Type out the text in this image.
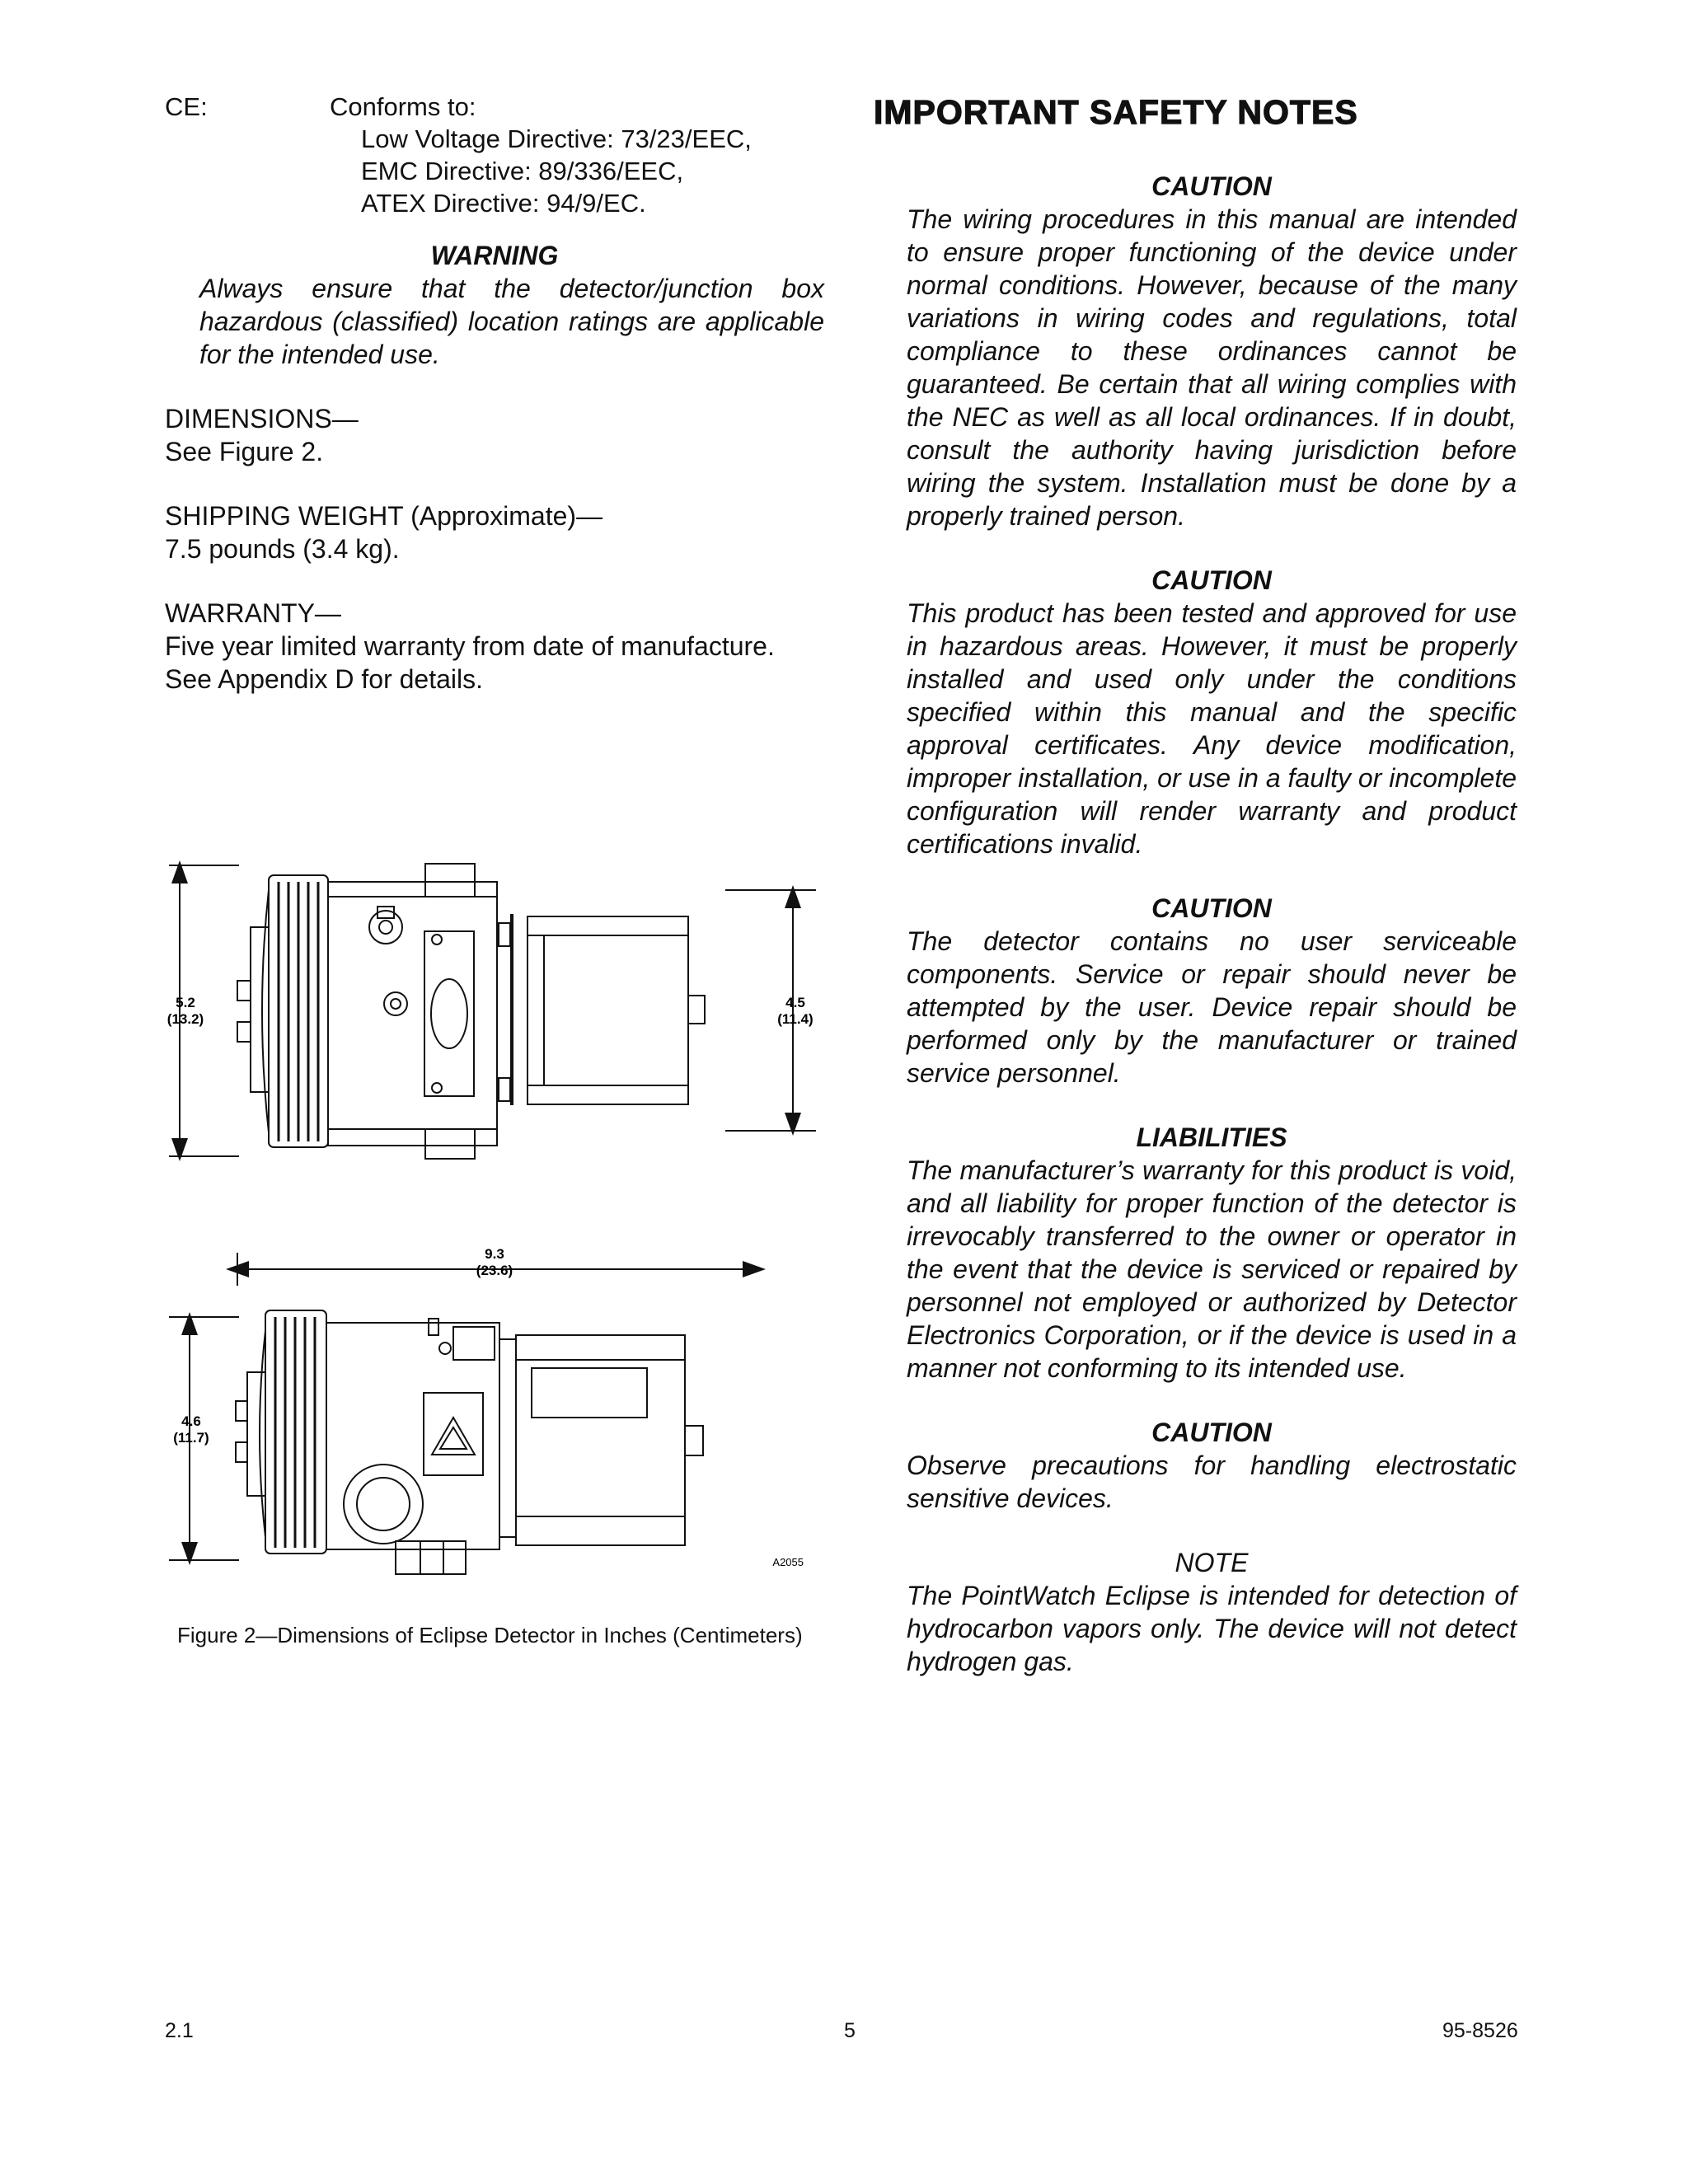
CE:	Conforms to:
Low Voltage Directive: 73/23/EEC,
EMC Directive: 89/336/EEC,
ATEX Directive: 94/9/EC.
WARNING
Always ensure that the detector/junction box hazardous (classified) location ratings are applicable for the intended use.
DIMENSIONS—
See Figure 2.
SHIPPING WEIGHT (Approximate)—
7.5 pounds (3.4 kg).
WARRANTY—
Five year limited warranty from date of manufacture.
See Appendix D for details.
5.2
(13.2)
4.5
(11.4)
9.3
(23.6)
4.6
(11.7)
A2055
Figure 2—Dimensions of Eclipse Detector in Inches (Centimeters)
IMPORTANT SAFETY NOTES
CAUTION
The wiring procedures in this manual are intended to ensure proper functioning of the device under normal conditions. However, because of the many variations in wiring codes and regulations, total compliance to these ordinances cannot be guaranteed. Be certain that all wiring complies with the NEC as well as all local ordinances. If in doubt, consult the authority having jurisdiction before wiring the system. Installation must be done by a properly trained person.
CAUTION
This product has been tested and approved for use in hazardous areas. However, it must be properly installed and used only under the conditions specified within this manual and the specific approval certificates. Any device modification, improper installation, or use in a faulty or incomplete configuration will render warranty and product certifications invalid.
CAUTION
The detector contains no user serviceable components. Service or repair should never be attempted by the user. Device repair should be performed only by the manufacturer or trained service personnel.
LIABILITIES
The manufacturer’s warranty for this product is void, and all liability for proper function of the detector is irrevocably transferred to the owner or operator in the event that the device is serviced or repaired by personnel not employed or authorized by Detector Electronics Corporation, or if the device is used in a manner not conforming to its intended use.
CAUTION
Observe precautions for handling electrostatic sensitive devices.
NOTE
The PointWatch Eclipse is intended for detection of hydrocarbon vapors only. The device will not detect hydrogen gas.
2.1	5	95-8526
